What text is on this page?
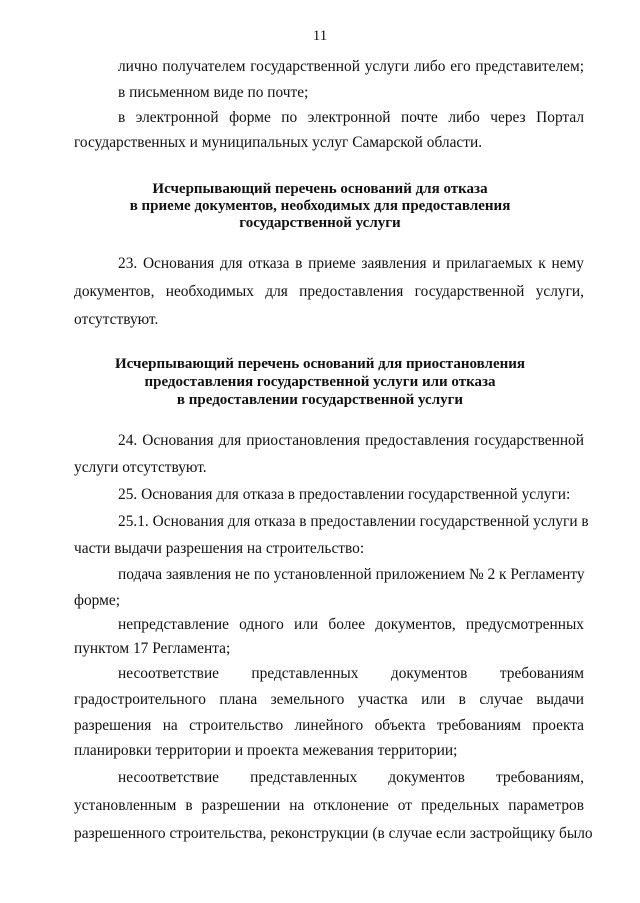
11
лично получателем государственной услуги либо его представителем;
в письменном виде по почте;
в электронной форме по электронной почте либо через Портал
государственных и муниципальных услуг Самарской области.
Исчерпывающий перечень оснований для отказа
в приеме документов, необходимых для предоставления
государственной услуги
23. Основания для отказа в приеме заявления и прилагаемых к нему
документов, необходимых для предоставления государственной услуги,
отсутствуют.
Исчерпывающий перечень оснований для приостановления
предоставления государственной услуги или отказа
в предоставлении государственной услуги
24. Основания для приостановления предоставления государственной
услуги отсутствуют.
25. Основания для отказа в предоставлении государственной услуги:
25.1. Основания для отказа в предоставлении государственной услуги в
части выдачи разрешения на строительство:
подача заявления не по установленной приложением № 2 к Регламенту
форме;
непредставление одного или более документов, предусмотренных
пунктом 17 Регламента;
несоответствие представленных документов требованиям
градостроительного плана земельного участка или в случае выдачи
разрешения на строительство линейного объекта требованиям проекта
планировки территории и проекта межевания территории;
несоответствие представленных документов требованиям,
установленным в разрешении на отклонение от предельных параметров
разрешенного строительства, реконструкции (в случае если застройщику было
